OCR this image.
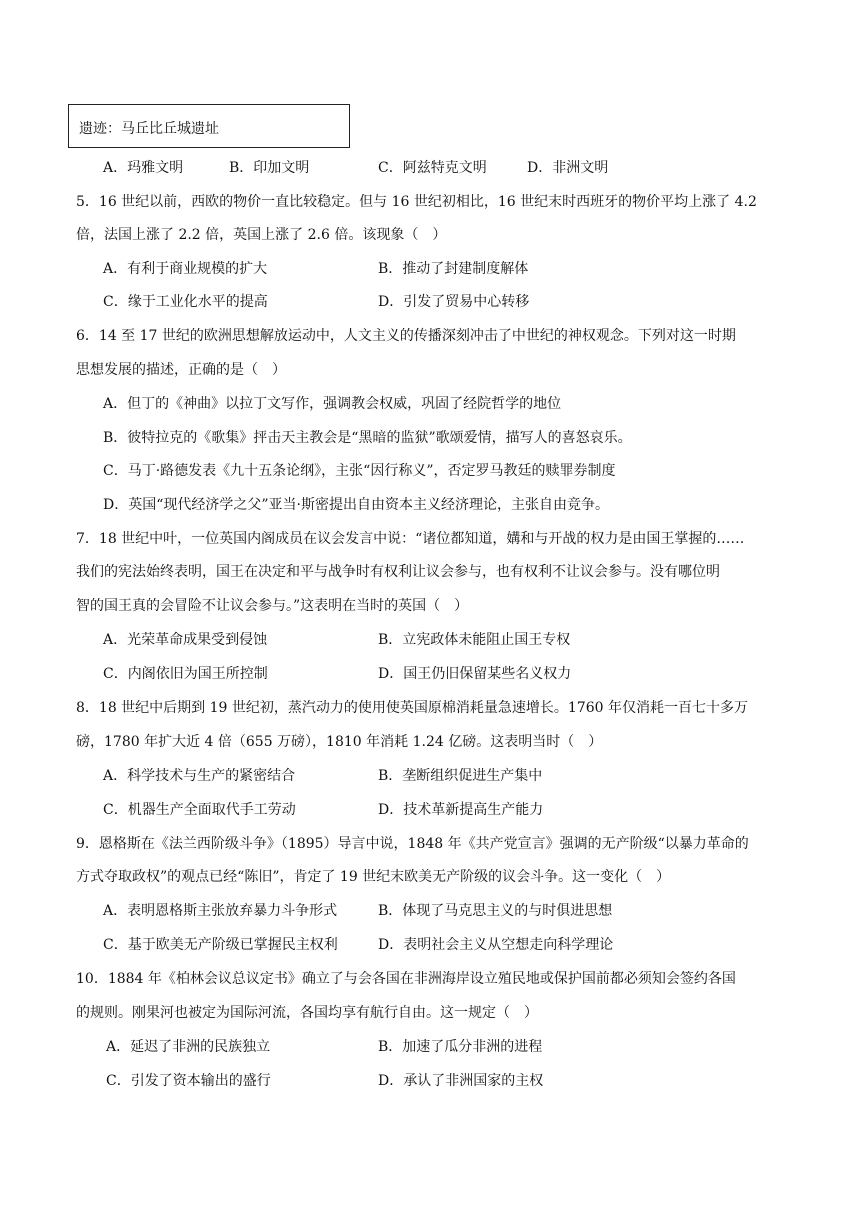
遗迹：马丘比丘城遗址
A．玛雅文明	B．印加文明	C．阿兹特克文明	D．非洲文明
5．16 世纪以前，西欧的物价一直比较稳定。但与 16 世纪初相比，16 世纪末时西班牙的物价平均上涨了 4.2
倍，法国上涨了 2.2 倍，英国上涨了 2.6 倍。该现象（　）
A．有利于商业规模的扩大	B．推动了封建制度解体
C．缘于工业化水平的提高	D．引发了贸易中心转移
6．14 至 17 世纪的欧洲思想解放运动中，人文主义的传播深刻冲击了中世纪的神权观念。下列对这一时期
思想发展的描述，正确的是（　）
A．但丁的《神曲》以拉丁文写作，强调教会权威，巩固了经院哲学的地位
B．彼特拉克的《歌集》抨击天主教会是“黑暗的监狱”歌颂爱情，描写人的喜怒哀乐。
C．马丁·路德发表《九十五条论纲》，主张“因行称义”，否定罗马教廷的赎罪券制度
D．英国“现代经济学之父”亚当·斯密提出自由资本主义经济理论，主张自由竞争。
7．18 世纪中叶，一位英国内阁成员在议会发言中说：“诸位都知道，媾和与开战的权力是由国王掌握的……
我们的宪法始终表明，国王在决定和平与战争时有权利让议会参与，也有权利不让议会参与。没有哪位明
智的国王真的会冒险不让议会参与。”这表明在当时的英国（　）
A．光荣革命成果受到侵蚀	B．立宪政体未能阻止国王专权
C．内阁依旧为国王所控制	D．国王仍旧保留某些名义权力
8．18 世纪中后期到 19 世纪初，蒸汽动力的使用使英国原棉消耗量急速增长。1760 年仅消耗一百七十多万
磅，1780 年扩大近 4 倍（655 万磅），1810 年消耗 1.24 亿磅。这表明当时（　）
A．科学技术与生产的紧密结合	B．垄断组织促进生产集中
C．机器生产全面取代手工劳动	D．技术革新提高生产能力
9．恩格斯在《法兰西阶级斗争》（1895）导言中说，1848 年《共产党宣言》强调的无产阶级“以暴力革命的
方式夺取政权”的观点已经“陈旧”，肯定了 19 世纪末欧美无产阶级的议会斗争。这一变化（　）
A．表明恩格斯主张放弃暴力斗争形式	B．体现了马克思主义的与时俱进思想
C．基于欧美无产阶级已掌握民主权利	D．表明社会主义从空想走向科学理论
10．1884 年《柏林会议总议定书》确立了与会各国在非洲海岸设立殖民地或保护国前都必须知会签约各国
的规则。刚果河也被定为国际河流，各国均享有航行自由。这一规定（　）
A．延迟了非洲的民族独立	B．加速了瓜分非洲的进程
C．引发了资本输出的盛行	D．承认了非洲国家的主权
